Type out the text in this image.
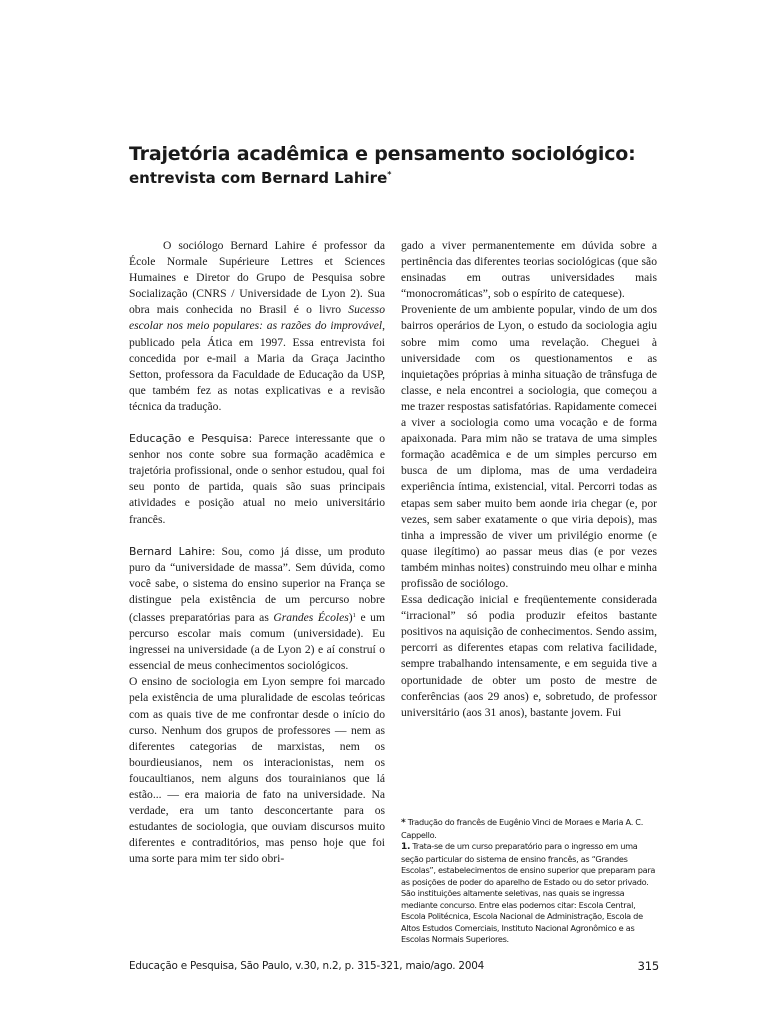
Trajetória acadêmica e pensamento sociológico:
entrevista com Bernard Lahire*

O sociólogo Bernard Lahire é professor da École Normale Supérieure Lettres et Sciences Humaines e Diretor do Grupo de Pesquisa sobre Socialização (CNRS / Universidade de Lyon 2). Sua obra mais conhecida no Brasil é o livro Sucesso escolar nos meio populares: as razões do improvável, publicado pela Ática em 1997. Essa entrevista foi concedida por e-mail a Maria da Graça Jacintho Setton, professora da Faculdade de Educação da USP, que também fez as notas explicativas e a revisão técnica da tradução.

Educação e Pesquisa: Parece interessante que o senhor nos conte sobre sua formação acadêmica e trajetória profissional, onde o senhor estudou, qual foi seu ponto de partida, quais são suas principais atividades e posição atual no meio universitário francês.

Bernard Lahire: Sou, como já disse, um produto puro da “universidade de massa”. Sem dúvida, como você sabe, o sistema do ensino superior na França se distingue pela existência de um percurso nobre (classes preparatórias para as Grandes Écoles)$^1$ e um percurso escolar mais comum (universidade). Eu ingressei na universidade (a de Lyon 2) e aí construí o essencial de meus conhecimentos sociológicos.

O ensino de sociologia em Lyon sempre foi marcado pela existência de uma pluralidade de escolas teóricas com as quais tive de me confrontar desde o início do curso. Nenhum dos grupos de professores — nem as diferentes categorias de marxistas, nem os bourdieusianos, nem os interacionistas, nem os foucaultianos, nem alguns dos tourainianos que lá estão... — era maioria de fato na universidade. Na verdade, era um tanto desconcertante para os estudantes de sociologia, que ouviam discursos muito diferentes e contraditórios, mas penso hoje que foi uma sorte para mim ter sido obri-

gado a viver permanentemente em dúvida sobre a pertinência das diferentes teorias sociológicas (que são ensinadas em outras universidades mais “monocromáticas”, sob o espírito de catequese).

Proveniente de um ambiente popular, vindo de um dos bairros operários de Lyon, o estudo da sociologia agiu sobre mim como uma revelação. Cheguei à universidade com os questionamentos e as inquietações próprias à minha situação de trânsfuga de classe, e nela encontrei a sociologia, que começou a me trazer respostas satisfatórias. Rapidamente comecei a viver a sociologia como uma vocação e de forma apaixonada. Para mim não se tratava de uma simples formação acadêmica e de um simples percurso em busca de um diploma, mas de uma verdadeira experiência íntima, existencial, vital. Percorri todas as etapas sem saber muito bem aonde iria chegar (e, por vezes, sem saber exatamente o que viria depois), mas tinha a impressão de viver um privilégio enorme (e quase ilegítimo) ao passar meus dias (e por vezes também minhas noites) construindo meu olhar e minha profissão de sociólogo.

Essa dedicação inicial e freqüentemente considerada “irracional” só podia produzir efeitos bastante positivos na aquisição de conhecimentos. Sendo assim, percorri as diferentes etapas com relativa facilidade, sempre trabalhando intensamente, e em seguida tive a oportunidade de obter um posto de mestre de conferências (aos 29 anos) e, sobretudo, de professor universitário (aos 31 anos), bastante jovem. Fui

* Tradução do francês de Eugênio Vinci de Moraes e Maria A. C. Cappello.

1. Trata-se de um curso preparatório para o ingresso em uma seção particular do sistema de ensino francês, as “Grandes Escolas”, estabelecimentos de ensino superior que preparam para as posições de poder do aparelho de Estado ou do setor privado. São instituições altamente seletivas, nas quais se ingressa mediante concurso. Entre elas podemos citar: Escola Central, Escola Politécnica, Escola Nacional de Administração, Escola de Altos Estudos Comerciais, Instituto Nacional Agronômico e as Escolas Normais Superiores.

Educação e Pesquisa, São Paulo, v.30, n.2, p. 315-321, maio/ago. 2004	315
